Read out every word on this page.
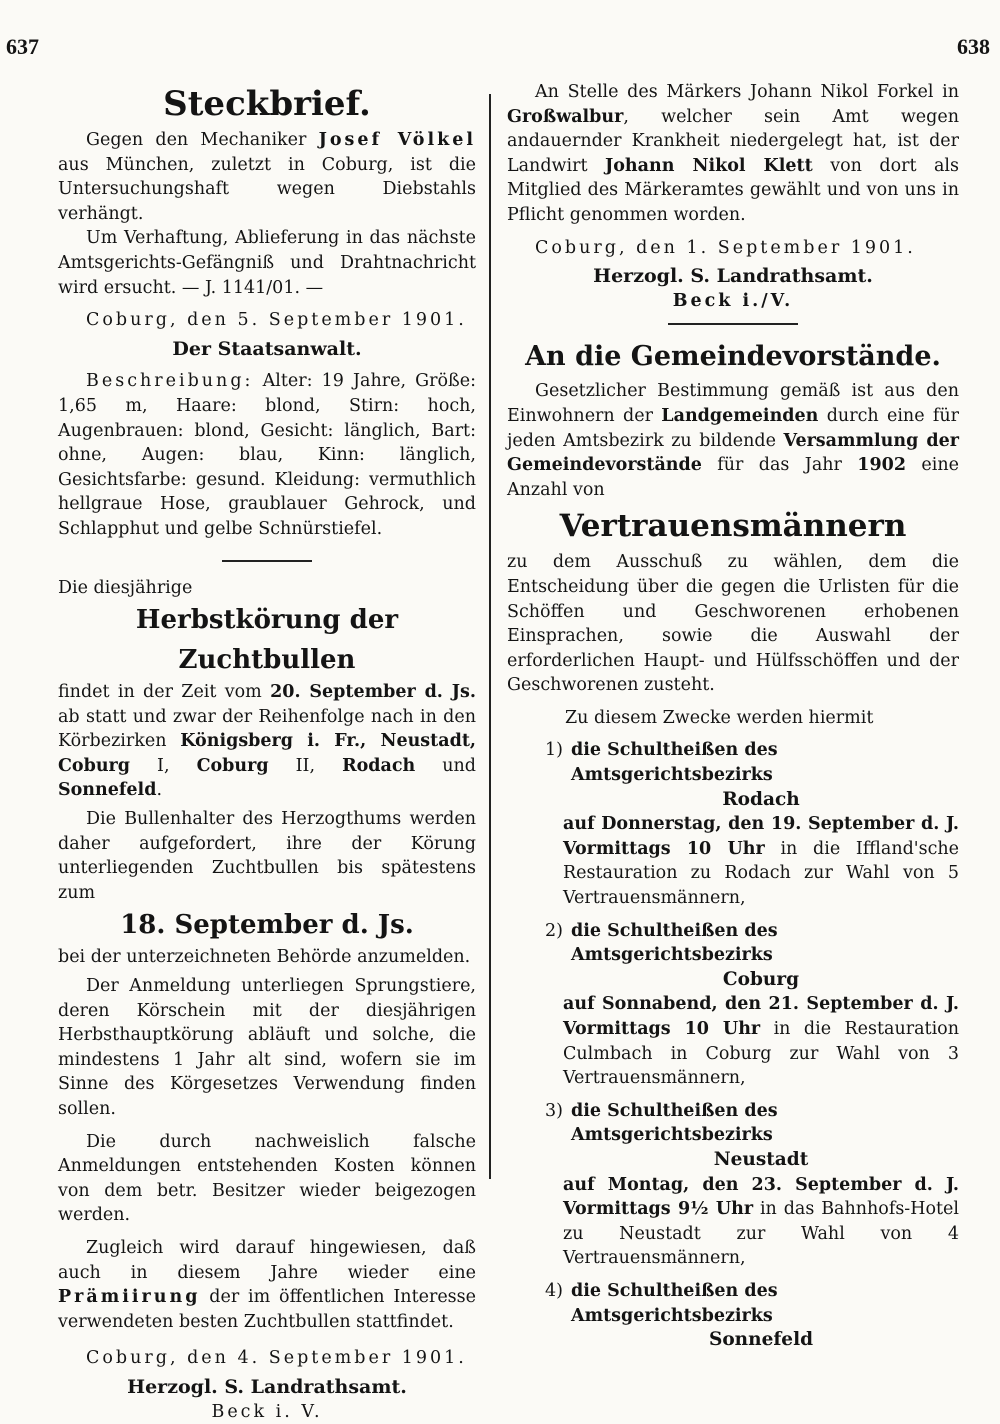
637	638
Steckbrief.

Gegen den Mechaniker Josef Völkel aus München, zuletzt in Coburg, ist die Untersuchungshaft wegen Diebstahls verhängt.

Um Verhaftung, Ablieferung in das nächste Amtsgerichts-Gefängniß und Drahtnachricht wird ersucht. — J. 1141/01. —

Coburg, den 5. September 1901.

Der Staatsanwalt.

Beschreibung: Alter: 19 Jahre, Größe: 1,65 m, Haare: blond, Stirn: hoch, Augenbrauen: blond, Gesicht: länglich, Bart: ohne, Augen: blau, Kinn: länglich, Gesichtsfarbe: gesund. Kleidung: vermuthlich hellgraue Hose, graublauer Gehrock, und Schlapphut und gelbe Schnürstiefel.

Die diesjährige

Herbstkörung der Zuchtbullen

findet in der Zeit vom 20. September d. Js. ab statt und zwar der Reihenfolge nach in den Körbezirken Königsberg i. Fr., Neustadt, Coburg I, Coburg II, Rodach und Sonnefeld.

Die Bullenhalter des Herzogthums werden daher aufgefordert, ihre der Körung unterliegenden Zuchtbullen bis spätestens zum

18. September d. Js.

bei der unterzeichneten Behörde anzumelden.

Der Anmeldung unterliegen Sprungstiere, deren Körschein mit der diesjährigen Herbsthauptkörung abläuft und solche, die mindestens 1 Jahr alt sind, wofern sie im Sinne des Körgesetzes Verwendung finden sollen.

Die durch nachweislich falsche Anmeldungen entstehenden Kosten können von dem betr. Besitzer wieder beigezogen werden.

Zugleich wird darauf hingewiesen, daß auch in diesem Jahre wieder eine Prämiirung der im öffentlichen Interesse verwendeten besten Zuchtbullen stattfindet.

Coburg, den 4. September 1901.

Herzogl. S. Landrathsamt.

Beck i. V.

An Stelle des Märkers Johann Nikol Forkel in Großwalbur, welcher sein Amt wegen andauernder Krankheit niedergelegt hat, ist der Landwirt Johann Nikol Klett von dort als Mitglied des Märkeramtes gewählt und von uns in Pflicht genommen worden.

Coburg, den 1. September 1901.

Herzogl. S. Landrathsamt.

Beck i./V.

An die Gemeindevorstände.

Gesetzlicher Bestimmung gemäß ist aus den Einwohnern der Landgemeinden durch eine für jeden Amtsbezirk zu bildende Versammlung der Gemeindevorstände für das Jahr 1902 eine Anzahl von

Vertrauensmännern

zu dem Ausschuß zu wählen, dem die Entscheidung über die gegen die Urlisten für die Schöffen und Geschworenen erhobenen Einsprachen, sowie die Auswahl der erforderlichen Haupt- und Hülfsschöffen und der Geschworenen zusteht.

Zu diesem Zwecke werden hiermit

1) die Schultheißen des Amtsgerichtsbezirks
Rodach

auf Donnerstag, den 19. September d. J. Vormittags 10 Uhr in die Iffland'sche Restauration zu Rodach zur Wahl von 5 Vertrauensmännern,

2) die Schultheißen des Amtsgerichtsbezirks
Coburg

auf Sonnabend, den 21. September d. J. Vormittags 10 Uhr in die Restauration Culmbach in Coburg zur Wahl von 3 Vertrauensmännern,

3) die Schultheißen des Amtsgerichtsbezirks
Neustadt

auf Montag, den 23. September d. J. Vormittags 9½ Uhr in das Bahnhofs-Hotel zu Neustadt zur Wahl von 4 Vertrauensmännern,

4) die Schultheißen des Amtsgerichtsbezirks
Sonnefeld
